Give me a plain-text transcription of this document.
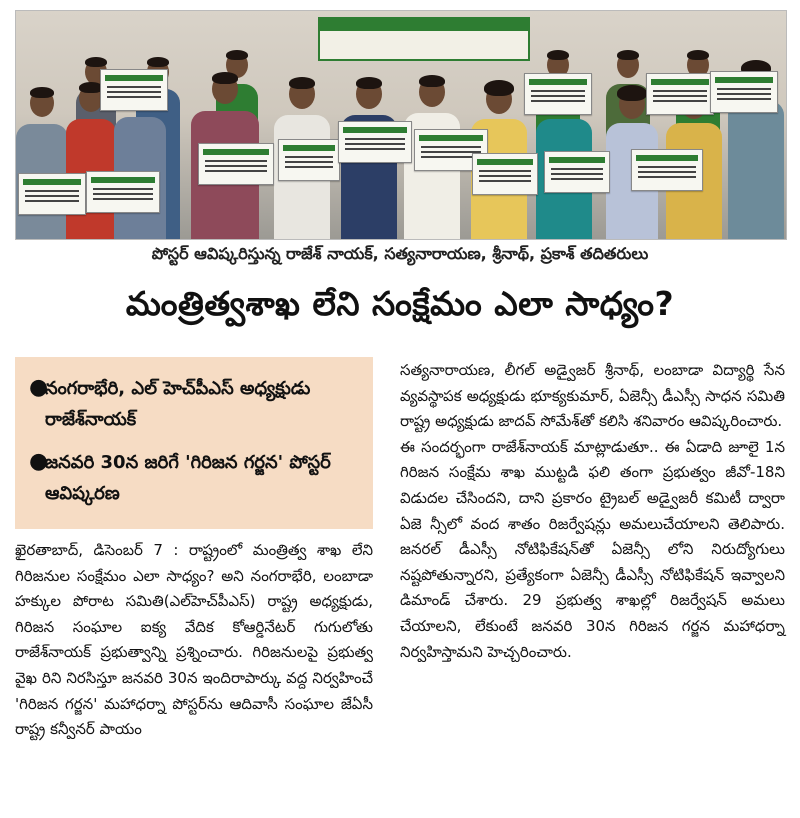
పోస్టర్ ఆవిష్కరిస్తున్న రాజేశ్ నాయక్, సత్యనారాయణ, శ్రీనాథ్, ప్రకాశ్ తదితరులు
మంత్రిత్వశాఖ లేని సంక్షేమం ఎలా సాధ్యం?
●
నంగరాభేరి, ఎల్ హెచ్‌పీఎస్ అధ్యక్షుడు రాజేశ్‌నాయక్
●
జనవరి 30న జరిగే 'గిరిజన గర్జన' పోస్టర్ ఆవిష్కరణ

ఖైరతాబాద్, డిసెంబర్ 7 : రాష్ట్రంలో మంత్రిత్వ శాఖ లేని గిరిజనుల సంక్షేమం ఎలా సాధ్యం? అని నంగరాభేరి, లంబాడా హక్కుల పోరాట సమితి(ఎల్‌హెచ్‌పీఎస్) రాష్ట్ర అధ్యక్షుడు, గిరిజన సంఘాల ఐక్య వేదిక కోఆర్డినేటర్ గుగులోతు రాజేశ్‌నాయక్ ప్రభుత్వాన్ని ప్రశ్నించారు. గిరిజనులపై ప్రభుత్వ వైఖ రిని నిరసిస్తూ జనవరి 30న ఇందిరాపార్కు వద్ద నిర్వహించే 'గిరిజన గర్జన' మహాధర్నా పోస్టర్‌ను ఆదివాసీ సంఘాల జేఏసీ రాష్ట్ర కన్వీనర్ పాయం

సత్యనారాయణ, లీగల్ అడ్వైజర్ శ్రీనాథ్, లంబాడా విద్యార్థి సేన వ్యవస్థాపక అధ్యక్షుడు భూక్యకుమార్, ఏజెన్సీ డీఎస్సీ సాధన సమితి రాష్ట్ర అధ్యక్షుడు జాదవ్ సోమేశ్‌తో కలిసి శనివారం ఆవిష్కరించారు.

ఈ సందర్భంగా రాజేశ్‌నాయక్ మాట్లాడుతూ.. ఈ ఏడాది జూలై 1న గిరిజన సంక్షేమ శాఖ ముట్టడి ఫలి తంగా ప్రభుత్వం జీవో-18ని విడుదల చేసిందని, దాని ప్రకారం ట్రైబల్ అడ్వైజరీ కమిటీ ద్వారా ఏజె న్సీలో వంద శాతం రిజర్వేషన్లు అమలుచేయాలని తెలిపారు. జనరల్ డీఎస్సీ నోటిఫికేషన్‌తో ఏజెన్సీ లోని నిరుద్యోగులు నష్టపోతున్నారని, ప్రత్యేకంగా ఏజెన్సీ డీఎస్సీ నోటిఫికేషన్ ఇవ్వాలని డిమాండ్ చేశారు. 29 ప్రభుత్వ శాఖల్లో రిజర్వేషన్ అమలు చేయాలని, లేకుంటే జనవరి 30న గిరిజన గర్జన మహాధర్నా నిర్వహిస్తామని హెచ్చరించారు.
